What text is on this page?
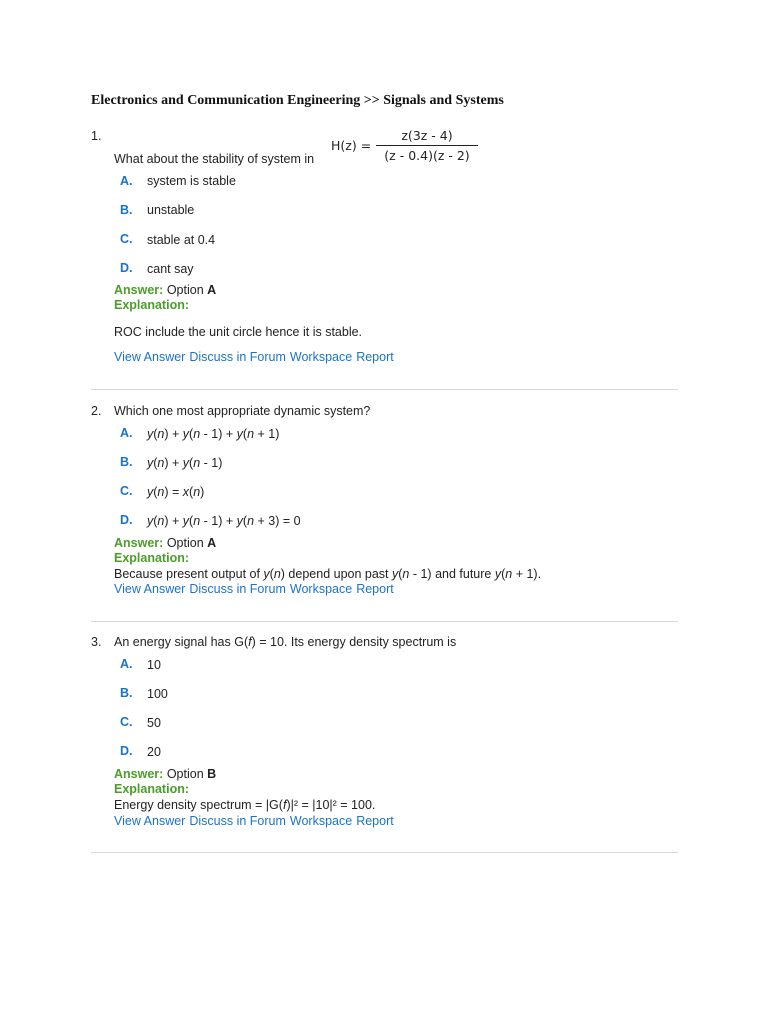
Electronics and Communication Engineering >> Signals and Systems
1.
What about the stability of system in
H(z) =
z(3z - 4)
(z - 0.4)(z - 2)
A. system is stable
B. unstable
C. stable at 0.4
D. cant say
Answer: Option A
Explanation:
ROC include the unit circle hence it is stable.
View Answer Discuss in Forum Workspace Report
2. Which one most appropriate dynamic system?
A. y(n) + y(n - 1) + y(n + 1)
B. y(n) + y(n - 1)
C. y(n) = x(n)
D. y(n) + y(n - 1) + y(n + 3) = 0
Answer: Option A
Explanation:
Because present output of y(n) depend upon past y(n - 1) and future y(n + 1).
View Answer Discuss in Forum Workspace Report
3. An energy signal has G(f) = 10. Its energy density spectrum is
A. 10
B. 100
C. 50
D. 20
Answer: Option B
Explanation:
Energy density spectrum = |G(f)|² = |10|² = 100.
View Answer Discuss in Forum Workspace Report
